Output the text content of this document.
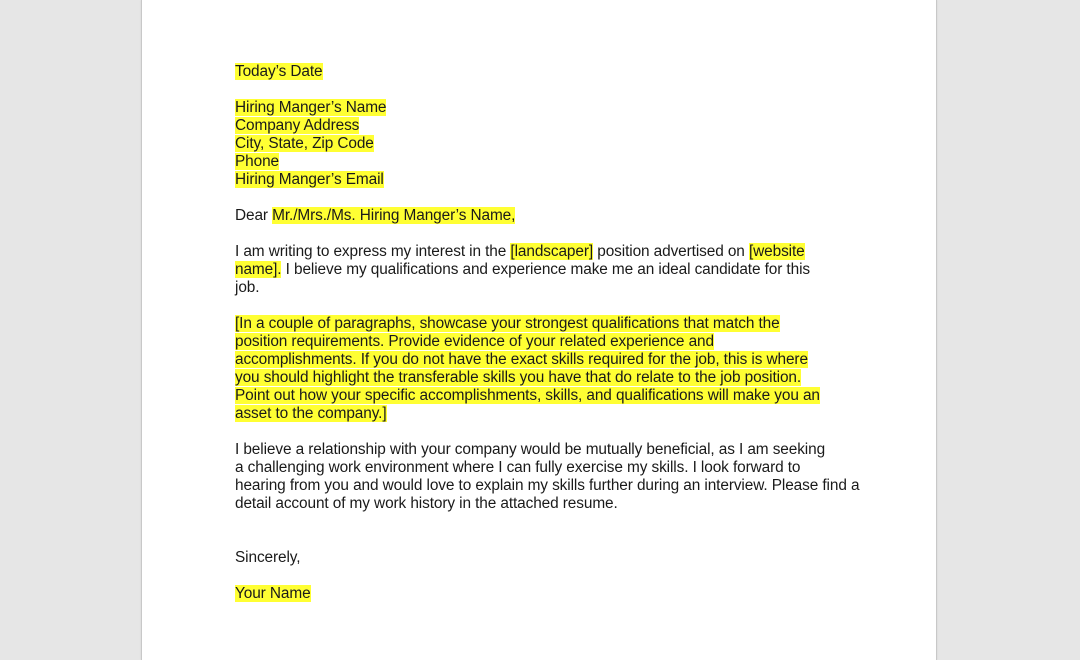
Today’s Date

Hiring Manger’s Name
Company Address
City, State, Zip Code
Phone
Hiring Manger’s Email

Dear Mr./Mrs./Ms. Hiring Manger’s Name,

I am writing to express my interest in the [landscaper] position advertised on [website
name]. I believe my qualifications and experience make me an ideal candidate for this
job.
[In a couple of paragraphs, showcase your strongest qualifications that match the
position requirements. Provide evidence of your related experience and
accomplishments. If you do not have the exact skills required for the job, this is where
you should highlight the transferable skills you have that do relate to the job position.
Point out how your specific accomplishments, skills, and qualifications will make you an
asset to the company.]
I believe a relationship with your company would be mutually beneficial, as I am seeking
a challenging work environment where I can fully exercise my skills. I look forward to
hearing from you and would love to explain my skills further during an interview. Please find a
detail account of my work history in the attached resume.

Sincerely,

Your Name
